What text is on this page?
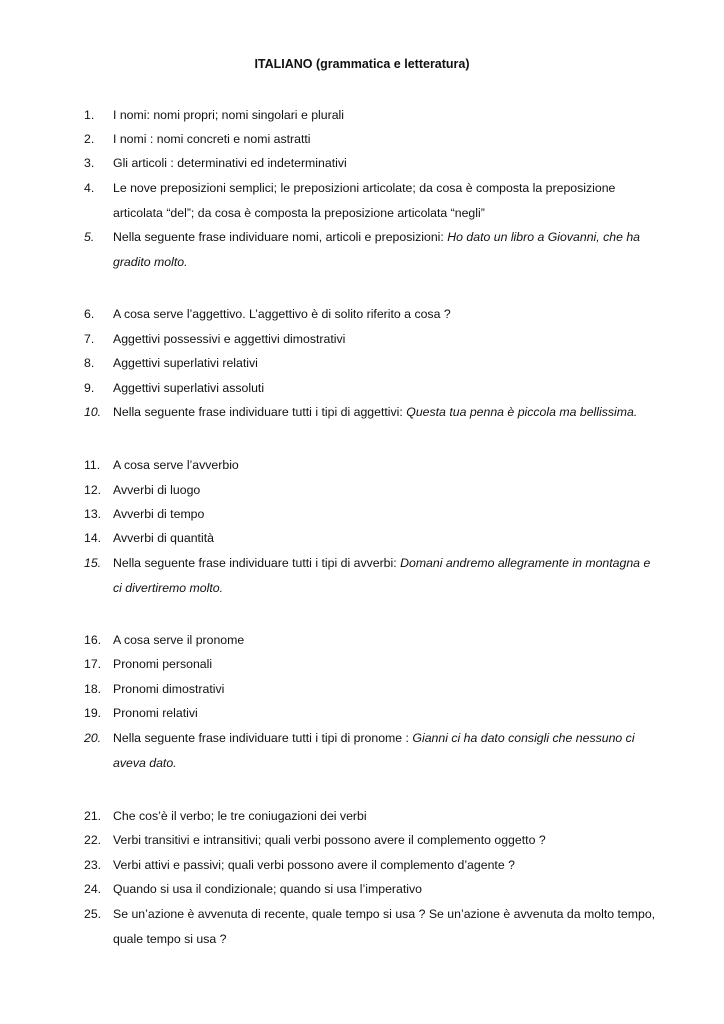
ITALIANO (grammatica e letteratura)
1.	I nomi: nomi propri; nomi singolari e plurali
2.	I nomi : nomi concreti e nomi astratti
3.	Gli articoli : determinativi ed indeterminativi
4.	Le nove preposizioni semplici; le preposizioni articolate; da cosa è composta la preposizione articolata “del”; da cosa è composta la preposizione articolata “negli”
5.	Nella seguente frase individuare nomi, articoli e preposizioni: Ho dato un libro a Giovanni, che ha gradito molto.
6.	A cosa serve l’aggettivo. L’aggettivo è di solito riferito a cosa ?
7.	Aggettivi possessivi e aggettivi dimostrativi
8.	Aggettivi superlativi relativi
9.	Aggettivi superlativi assoluti
10. Nella seguente frase individuare tutti i tipi di aggettivi: Questa tua penna è piccola ma bellissima.
11.	A cosa serve l’avverbio
12. Avverbi di luogo
13. Avverbi di tempo
14. Avverbi di quantità
15. Nella seguente frase individuare tutti i tipi di avverbi: Domani andremo allegramente in montagna e ci divertiremo molto.
16. A cosa serve il pronome
17. Pronomi personali
18. Pronomi dimostrativi
19. Pronomi relativi
20. Nella seguente frase individuare tutti i tipi di pronome : Gianni ci ha dato consigli che nessuno ci aveva dato.
21. Che cos’è il verbo; le tre coniugazioni dei verbi
22. Verbi transitivi e intransitivi; quali verbi possono avere il complemento oggetto ?
23. Verbi attivi e passivi; quali verbi possono avere il complemento d’agente ?
24. Quando si usa il condizionale; quando si usa l’imperativo
25. Se un’azione è avvenuta di recente, quale tempo si usa ? Se un’azione è avvenuta da molto tempo, quale tempo si usa ?
